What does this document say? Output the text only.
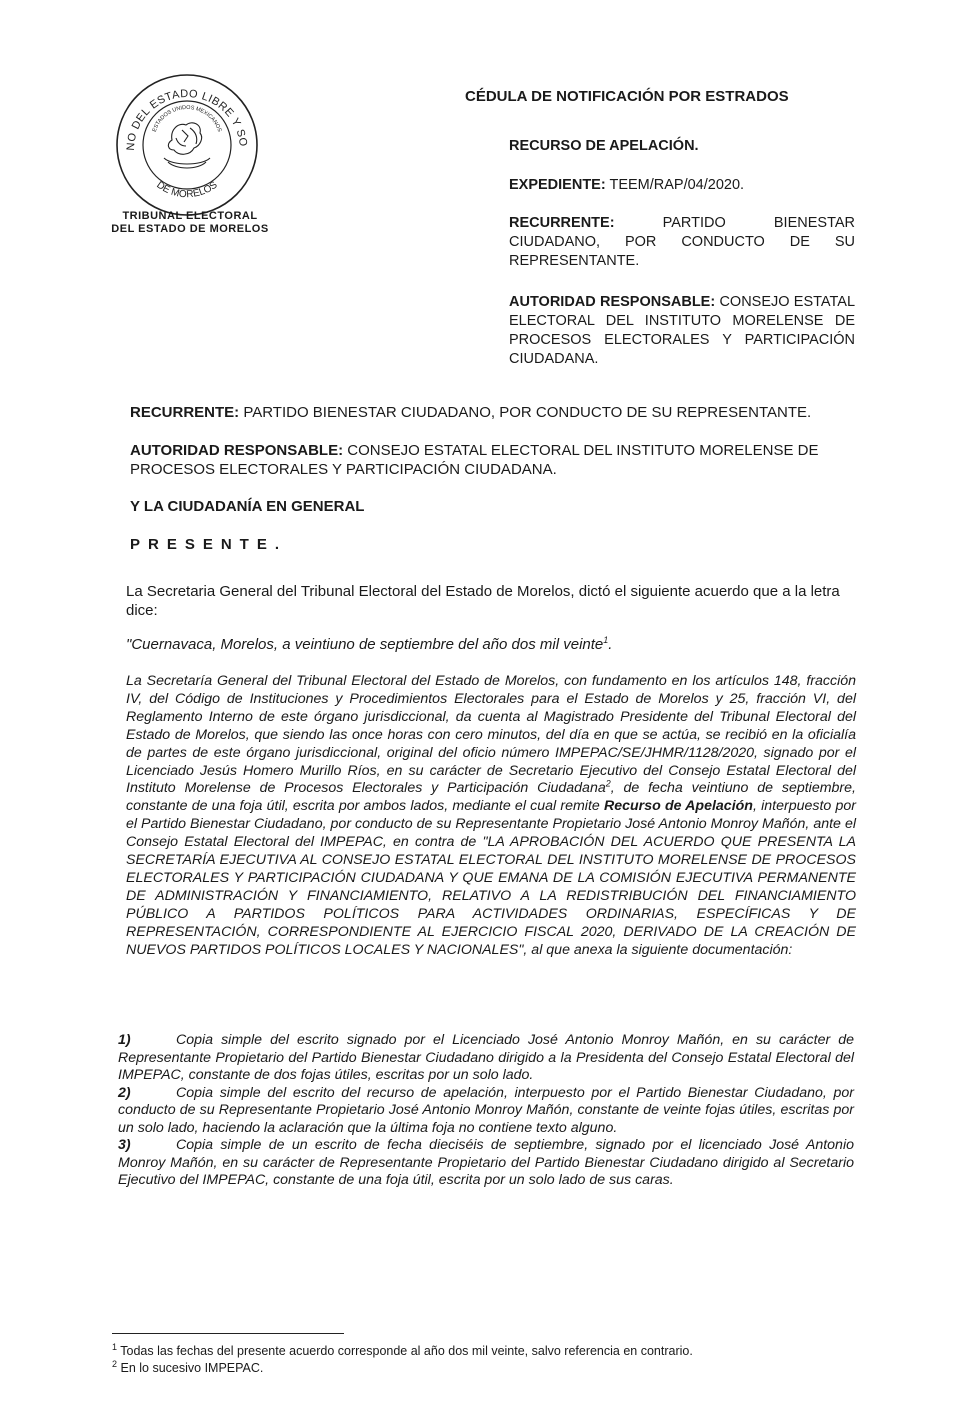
NO DEL ESTADO LIBRE Y SO
ESTADOS UNIDOS MEXICANOS
DE MORELOS
TRIBUNAL ELECTORAL
DEL ESTADO DE MORELOS
CÉDULA DE NOTIFICACIÓN POR ESTRADOS
RECURSO DE APELACIÓN.
EXPEDIENTE: TEEM/RAP/04/2020.
RECURRENTE:	PARTIDO BIENESTAR CIUDADANO, POR CONDUCTO DE SU REPRESENTANTE.
AUTORIDAD RESPONSABLE: CONSEJO ESTATAL ELECTORAL DEL INSTITUTO MORELENSE DE PROCESOS ELECTORALES Y PARTICIPACIÓN CIUDADANA.
RECURRENTE: PARTIDO BIENESTAR CIUDADANO, POR CONDUCTO DE SU REPRESENTANTE.
AUTORIDAD RESPONSABLE: CONSEJO ESTATAL ELECTORAL DEL INSTITUTO MORELENSE DE PROCESOS ELECTORALES Y PARTICIPACIÓN CIUDADANA.
Y LA CIUDADANÍA EN GENERAL
PRESENTE.
La Secretaria General del Tribunal Electoral del Estado de Morelos, dictó el siguiente acuerdo que a la letra dice:
"Cuernavaca, Morelos, a veintiuno de septiembre del año dos mil veinte$^1$.
La Secretaría General del Tribunal Electoral del Estado de Morelos, con fundamento en los artículos 148, fracción IV, del Código de Instituciones y Procedimientos Electorales para el Estado de Morelos y 25, fracción VI, del Reglamento Interno de este órgano jurisdiccional, da cuenta al Magistrado Presidente del Tribunal Electoral del Estado de Morelos, que siendo las once horas con cero minutos, del día en que se actúa, se recibió en la oficialía de partes de este órgano jurisdiccional, original del oficio número IMPEPAC/SE/JHMR/1128/2020, signado por el Licenciado Jesús Homero Murillo Ríos, en su carácter de Secretario Ejecutivo del Consejo Estatal Electoral del Instituto Morelense de Procesos Electorales y Participación Ciudadana$^2$, de fecha veintiuno de septiembre, constante de una foja útil, escrita por ambos lados, mediante el cual remite Recurso de Apelación, interpuesto por el Partido Bienestar Ciudadano, por conducto de su Representante Propietario José Antonio Monroy Mañón, ante el Consejo Estatal Electoral del IMPEPAC, en contra de "LA APROBACIÓN DEL ACUERDO QUE PRESENTA LA SECRETARÍA EJECUTIVA AL CONSEJO ESTATAL ELECTORAL DEL INSTITUTO MORELENSE DE PROCESOS ELECTORALES Y PARTICIPACIÓN CIUDADANA Y QUE EMANA DE LA COMISIÓN EJECUTIVA PERMANENTE DE ADMINISTRACIÓN Y FINANCIAMIENTO, RELATIVO A LA REDISTRIBUCIÓN DEL FINANCIAMIENTO PÚBLICO A PARTIDOS POLÍTICOS PARA ACTIVIDADES ORDINARIAS, ESPECÍFICAS Y DE REPRESENTACIÓN, CORRESPONDIENTE AL EJERCICIO FISCAL 2020, DERIVADO DE LA CREACIÓN DE NUEVOS PARTIDOS POLÍTICOS LOCALES Y NACIONALES", al que anexa la siguiente documentación:
1)	Copia simple del escrito signado por el Licenciado José Antonio Monroy Mañón, en su carácter de Representante Propietario del Partido Bienestar Ciudadano dirigido a la Presidenta del Consejo Estatal Electoral del IMPEPAC, constante de dos fojas útiles, escritas por un solo lado.
2)	Copia simple del escrito del recurso de apelación, interpuesto por el Partido Bienestar Ciudadano, por conducto de su Representante Propietario José Antonio Monroy Mañón, constante de veinte fojas útiles, escritas por un solo lado, haciendo la aclaración que la última foja no contiene texto alguno.
3)	Copia simple de un escrito de fecha dieciséis de septiembre, signado por el licenciado José Antonio Monroy Mañón, en su carácter de Representante Propietario del Partido Bienestar Ciudadano dirigido al Secretario Ejecutivo del IMPEPAC, constante de una foja útil, escrita por un solo lado de sus caras.
$^1$ Todas las fechas del presente acuerdo corresponde al año dos mil veinte, salvo referencia en contrario.
$^2$ En lo sucesivo IMPEPAC.
